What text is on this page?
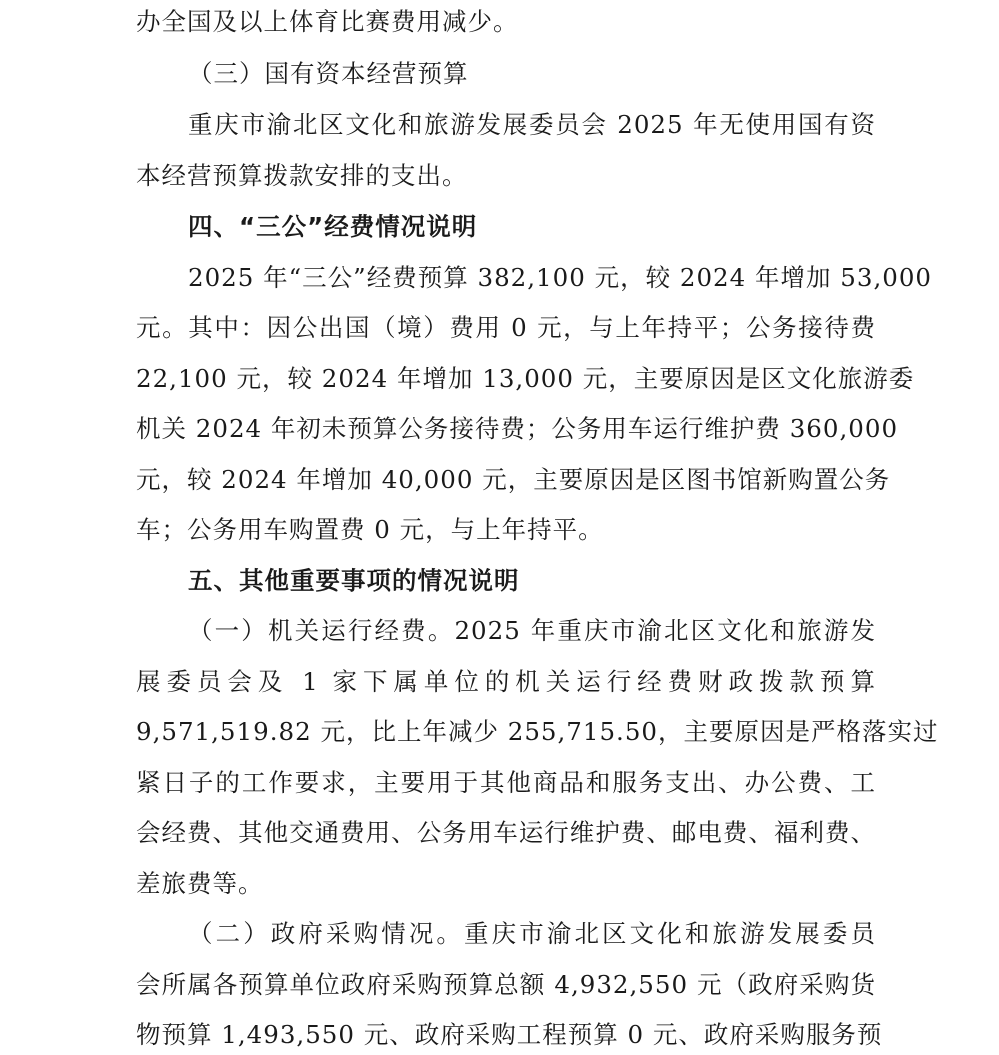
办全国及以上体育比赛费用减少。
（三）国有资本经营预算
重庆市渝北区文化和旅游发展委员会 2025 年无使用国有资
本经营预算拨款安排的支出。
四、“三公”经费情况说明
2025 年“三公”经费预算 382,100 元，较 2024 年增加 53,000
元。其中：因公出国（境）费用 0 元，与上年持平；公务接待费
22,100 元，较 2024 年增加 13,000 元，主要原因是区文化旅游委
机关 2024 年初未预算公务接待费；公务用车运行维护费 360,000
元，较 2024 年增加 40,000 元，主要原因是区图书馆新购置公务
车；公务用车购置费 0 元，与上年持平。
五、其他重要事项的情况说明
（一）机关运行经费。2025 年重庆市渝北区文化和旅游发
展委员会及 1 家下属单位的机关运行经费财政拨款预算
9,571,519.82 元，比上年减少 255,715.50，主要原因是严格落实过
紧日子的工作要求，主要用于其他商品和服务支出、办公费、工
会经费、其他交通费用、公务用车运行维护费、邮电费、福利费、
差旅费等。
（二）政府采购情况。重庆市渝北区文化和旅游发展委员
会所属各预算单位政府采购预算总额 4,932,550 元（政府采购货
物预算 1,493,550 元、政府采购工程预算 0 元、政府采购服务预
